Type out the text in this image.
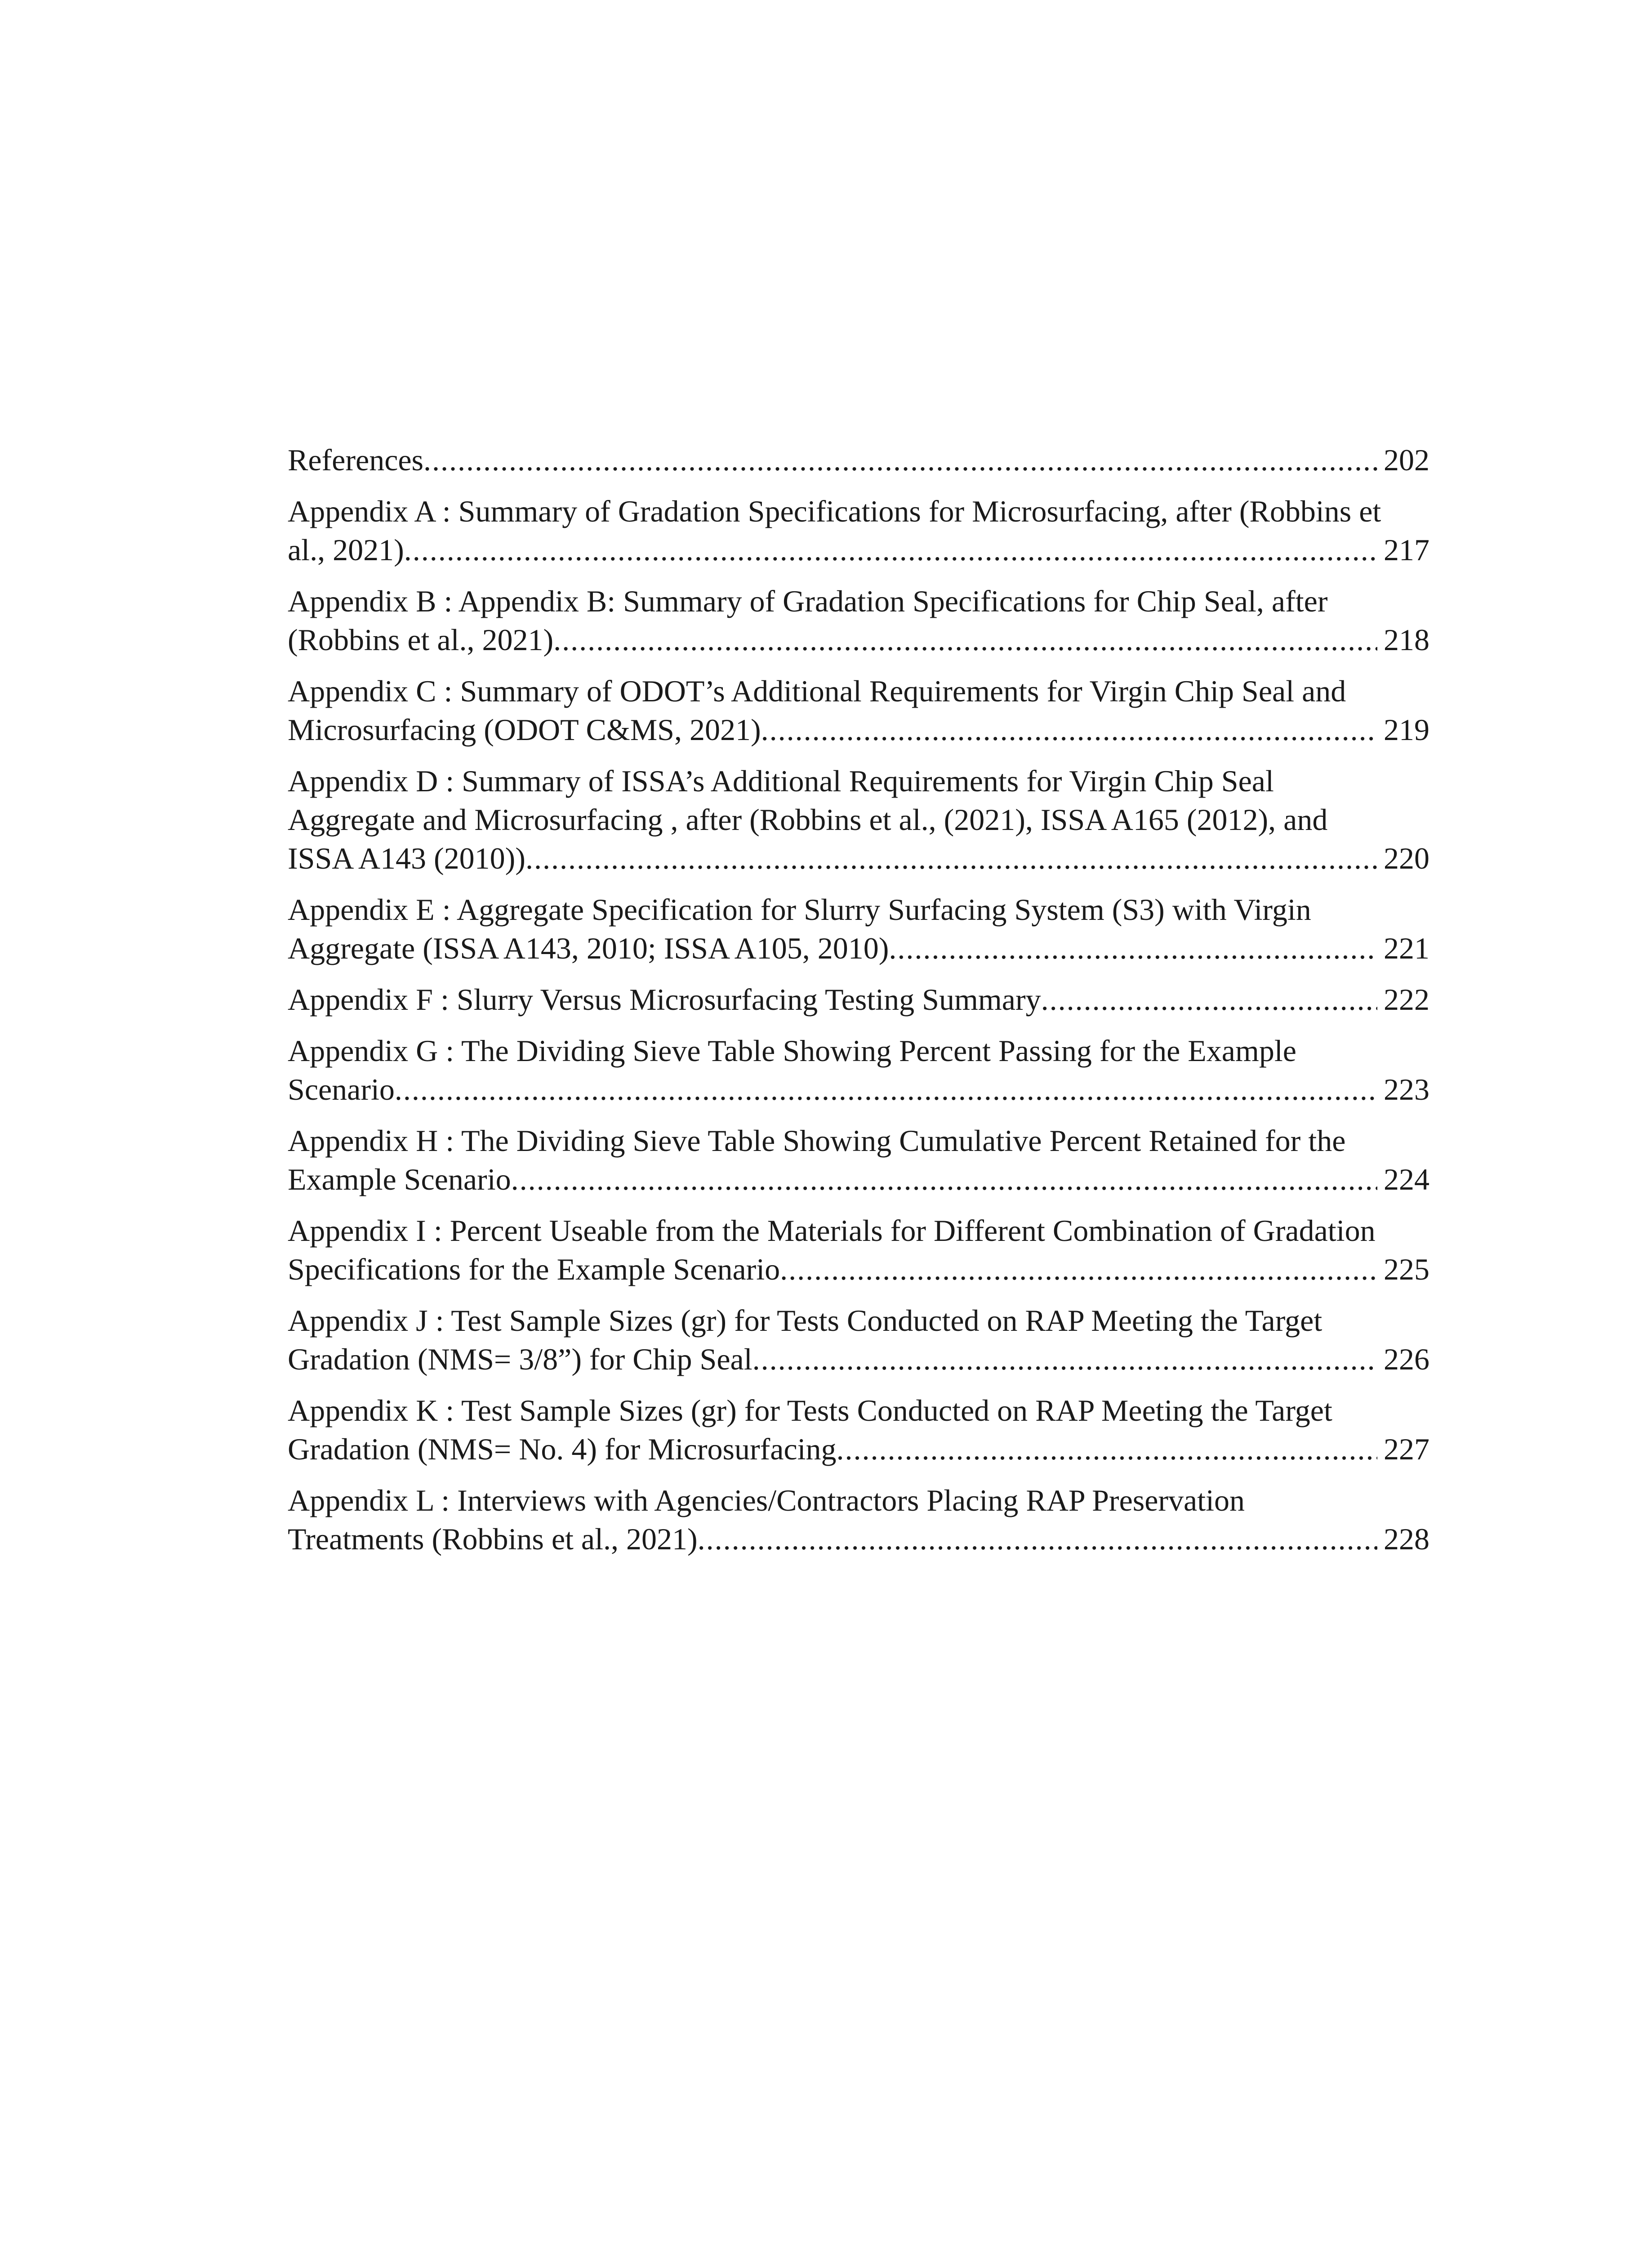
References .....	202
Appendix A : Summary of Gradation Specifications for Microsurfacing, after (Robbins et
al., 2021) .....	217
Appendix B : Appendix B: Summary of Gradation Specifications for Chip Seal, after
(Robbins et al., 2021) .....	218
Appendix C : Summary of ODOT’s Additional Requirements for Virgin Chip Seal and
Microsurfacing (ODOT C&MS, 2021) .....	219
Appendix D : Summary of ISSA’s Additional Requirements for Virgin Chip Seal
Aggregate and Microsurfacing , after (Robbins et al., (2021), ISSA A165 (2012), and
ISSA A143 (2010)) .....	220
Appendix E : Aggregate Specification for Slurry Surfacing System (S3) with Virgin
Aggregate (ISSA A143, 2010; ISSA A105, 2010) .....	221
Appendix F : Slurry Versus Microsurfacing Testing Summary .....	222
Appendix G : The Dividing Sieve Table Showing Percent Passing for the Example
Scenario .....	223
Appendix H : The Dividing Sieve Table Showing Cumulative Percent Retained for the
Example Scenario .....	224
Appendix I : Percent Useable from the Materials for Different Combination of Gradation
Specifications for the Example Scenario .....	225
Appendix J : Test Sample Sizes (gr) for Tests Conducted on RAP Meeting the Target
Gradation (NMS= 3/8”) for Chip Seal .....	226
Appendix K : Test Sample Sizes (gr) for Tests Conducted on RAP Meeting the Target
Gradation (NMS= No. 4) for Microsurfacing .....	227
Appendix L : Interviews with Agencies/Contractors Placing RAP Preservation
Treatments (Robbins et al., 2021) .....	228
